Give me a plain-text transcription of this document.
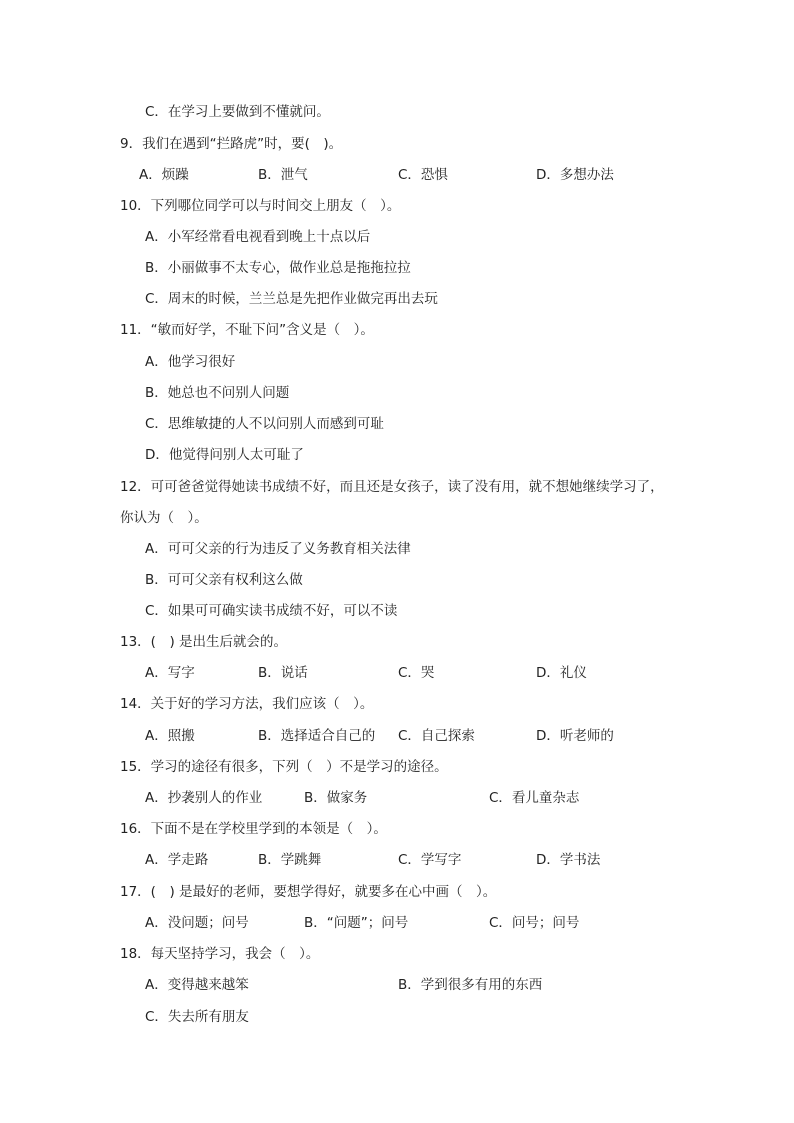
C．在学习上要做到不懂就问。
9．我们在遇到“拦路虎”时，要(　)。
A．烦躁	B．泄气	C．恐惧	D．多想办法
10．下列哪位同学可以与时间交上朋友（　）。
A．小军经常看电视看到晚上十点以后
B．小丽做事不太专心，做作业总是拖拖拉拉
C．周末的时候，兰兰总是先把作业做完再出去玩
11．“敏而好学，不耻下问”含义是（　）。
A．他学习很好
B．她总也不问别人问题
C．思维敏捷的人不以问别人而感到可耻
D．他觉得问别人太可耻了
12．可可爸爸觉得她读书成绩不好，而且还是女孩子，读了没有用，就不想她继续学习了，
你认为（　）。
A．可可父亲的行为违反了义务教育相关法律
B．可可父亲有权利这么做
C．如果可可确实读书成绩不好，可以不读
13．(　) 是出生后就会的。
A．写字	B．说话	C．哭	D．礼仪
14．关于好的学习方法，我们应该（　）。
A．照搬	B．选择适合自己的 C．自己探索	D．听老师的
15．学习的途径有很多，下列（　）不是学习的途径。
A．抄袭别人的作业	B．做家务	C．看儿童杂志
16．下面不是在学校里学到的本领是（　）。
A．学走路	B．学跳舞	C．学写字	D．学书法
17．(　) 是最好的老师，要想学得好，就要多在心中画（　）。
A．没问题；问号	B．“问题”；问号	C．问号；问号
18．每天坚持学习，我会（　）。
A．变得越来越笨	B．学到很多有用的东西
C．失去所有朋友
